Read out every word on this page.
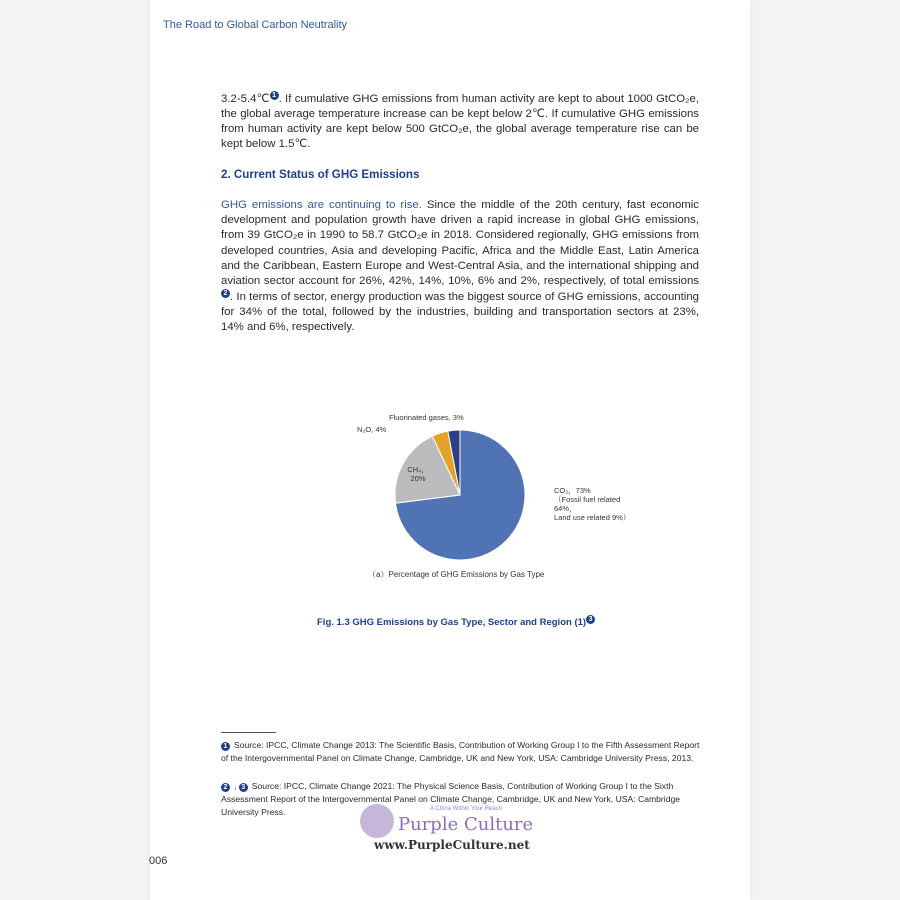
The Road to Global Carbon Neutrality
3.2-5.4℃ 1 . If cumulative GHG emissions from human activity are kept to about 1000 GtCO₂e, the global average temperature increase can be kept below 2℃. If cumulative GHG emissions from human activity are kept below 500 GtCO₂e, the global average temperature rise can be kept below 1.5℃.
2. Current Status of GHG Emissions
GHG emissions are continuing to rise. Since the middle of the 20th century, fast economic development and population growth have driven a rapid increase in global GHG emissions, from 39 GtCO₂e in 1990 to 58.7 GtCO₂e in 2018. Considered regionally, GHG emissions from developed countries, Asia and developing Pacific, Africa and the Middle East, Latin America and the Caribbean, Eastern Europe and West-Central Asia, and the international shipping and aviation sector account for 26%, 42%, 14%, 10%, 6% and 2%, respectively, of total emissions2 . In terms of sector, energy production was the biggest source of GHG emissions, accounting for 34% of the total, followed by the industries, building and transportation sectors at 23%, 14% and 6%, respectively.
CO₂，73%（Fossil fuel related 64%， Land use related 9%）
CH₄， 20%
N₂O, 4%
Fluorinated gases, 3%
（a）Percentage of GHG Emissions by Gas Type
Fig. 1.3 GHG Emissions by Gas Type, Sector and Region (1) 3
1 Source: IPCC, Climate Change 2013: The Scientific Basis, Contribution of Working Group I to the Fifth Assessment Report of the Intergovernmental Panel on Climate Change, Cambridge, UK and New York, USA: Cambridge University Press, 2013.
2 , 3 Source: IPCC, Climate Change 2021: The Physical Science Basis, Contribution of Working Group I to the Sixth Assessment Report of the Intergovernmental Panel on Climate Change, Cambridge, UK and New York, USA: Cambridge University Press.	A China Within Your Reach
Purple Culture
www.PurpleCulture.net
006
